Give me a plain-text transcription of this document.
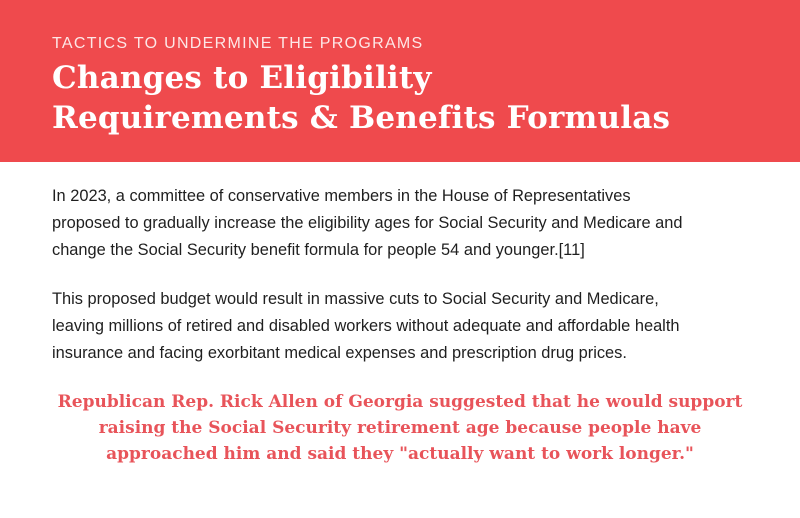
TACTICS TO UNDERMINE THE PROGRAMS

Changes to Eligibility
Requirements & Benefits Formulas

In 2023, a committee of conservative members in the House of Representatives
proposed to gradually increase the eligibility ages for Social Security and Medicare and
change the Social Security benefit formula for people 54 and younger.[11]

This proposed budget would result in massive cuts to Social Security and Medicare,
leaving millions of retired and disabled workers without adequate and affordable health
insurance and facing exorbitant medical expenses and prescription drug prices.

Republican Rep. Rick Allen of Georgia suggested that he would support
raising the Social Security retirement age because people have
approached him and said they "actually want to work longer."
